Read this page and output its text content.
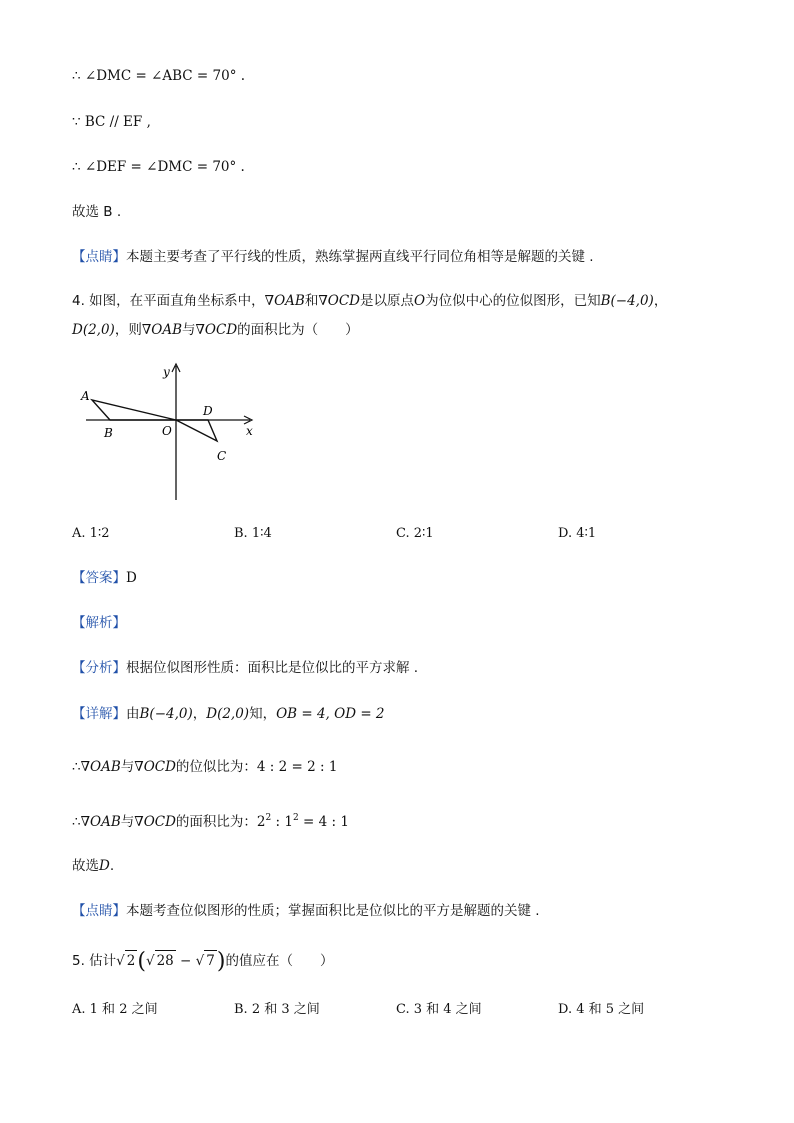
∴ ∠DMC = ∠ABC = 70° .
∵ BC // EF ,
∴ ∠DEF = ∠DMC = 70° .
故选 B .
【点睛】本题主要考查了平行线的性质，熟练掌握两直线平行同位角相等是解题的关键 .
4. 如图，在平面直角坐标系中，∇OAB和∇OCD是以原点O为位似中心的位似图形，已知B(−4,0)，
D(2,0)，则∇OAB与∇OCD的面积比为（　　）
y
x
A
B	O
D
C
A. 1∶2	B. 1∶4	C. 2∶1	D. 4∶1
【答案】D
【解析】
【分析】根据位似图形性质：面积比是位似比的平方求解 .
【详解】由B(−4,0)，D(2,0)知，OB = 4, OD = 2
∴∇OAB与∇OCD的位似比为：4 : 2 = 2 : 1
∴∇OAB与∇OCD的面积比为：$2^2$ : $1^2 = 4$ : 1
故选D.
【点睛】本题考查位似图形的性质；掌握面积比是位似比的平方是解题的关键 .
5. 估计√ 2(√ 28 − √ 7)的值应在（　　）
A. 1 和 2 之间	B. 2 和 3 之间	C. 3 和 4 之间	D. 4 和 5 之间
